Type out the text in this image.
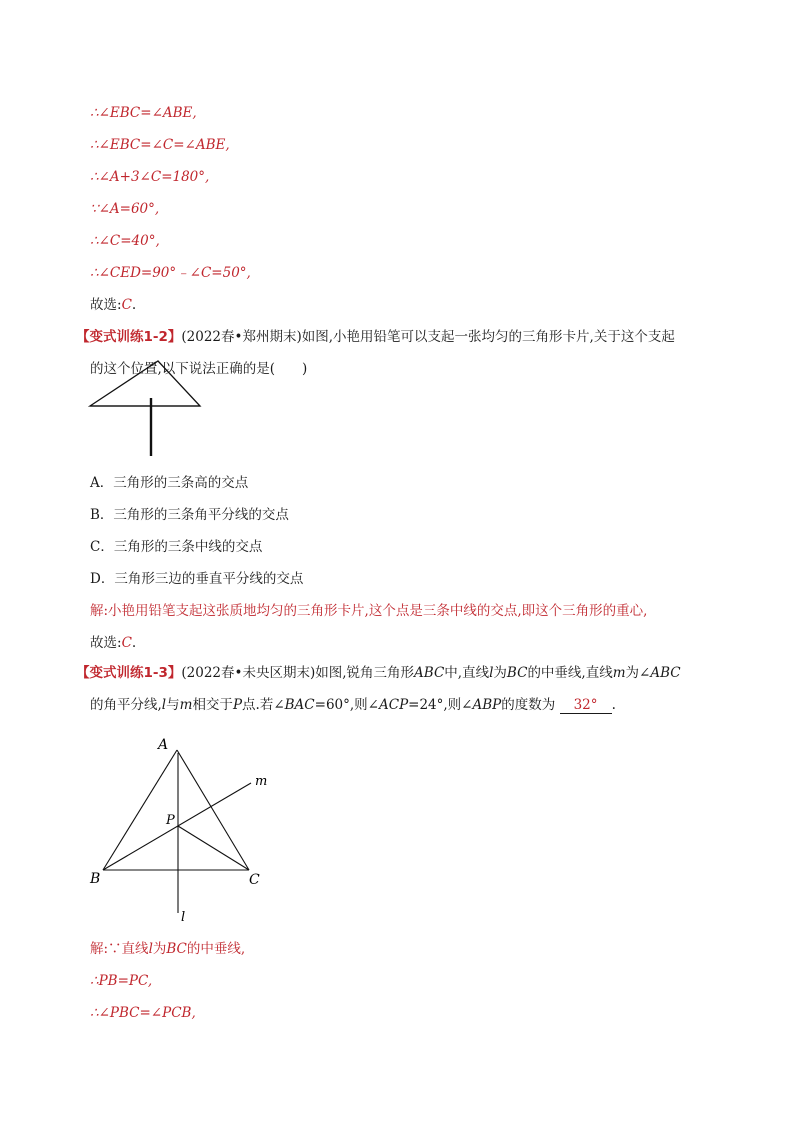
∴∠EBC=∠ABE,
∴∠EBC=∠C=∠ABE,
∴∠A+3∠C=180°,
∵∠A=60°,
∴∠C=40°,
∴∠CED=90°﹣∠C=50°,
故选:C.
【变式训练1-2】(2022春•郑州期末)如图,小艳用铅笔可以支起一张均匀的三角形卡片,关于这个支起
的这个位置,以下说法正确的是(　　)
A．三角形的三条高的交点
B．三角形的三条角平分线的交点
C．三角形的三条中线的交点
D．三角形三边的垂直平分线的交点
解:小艳用铅笔支起这张质地均匀的三角形卡片,这个点是三条中线的交点,即这个三角形的重心,
故选:C.
【变式训练1-3】(2022春•未央区期末)如图,锐角三角形ABC中,直线l为BC的中垂线,直线m为∠ABC
的角平分线,l与m相交于P点.若∠BAC=60°,则∠ACP=24°,则∠ABP的度数为 32° .
A
B	C
P
m
l
解:∵直线l为BC的中垂线,
∴PB=PC,
∴∠PBC=∠PCB,
